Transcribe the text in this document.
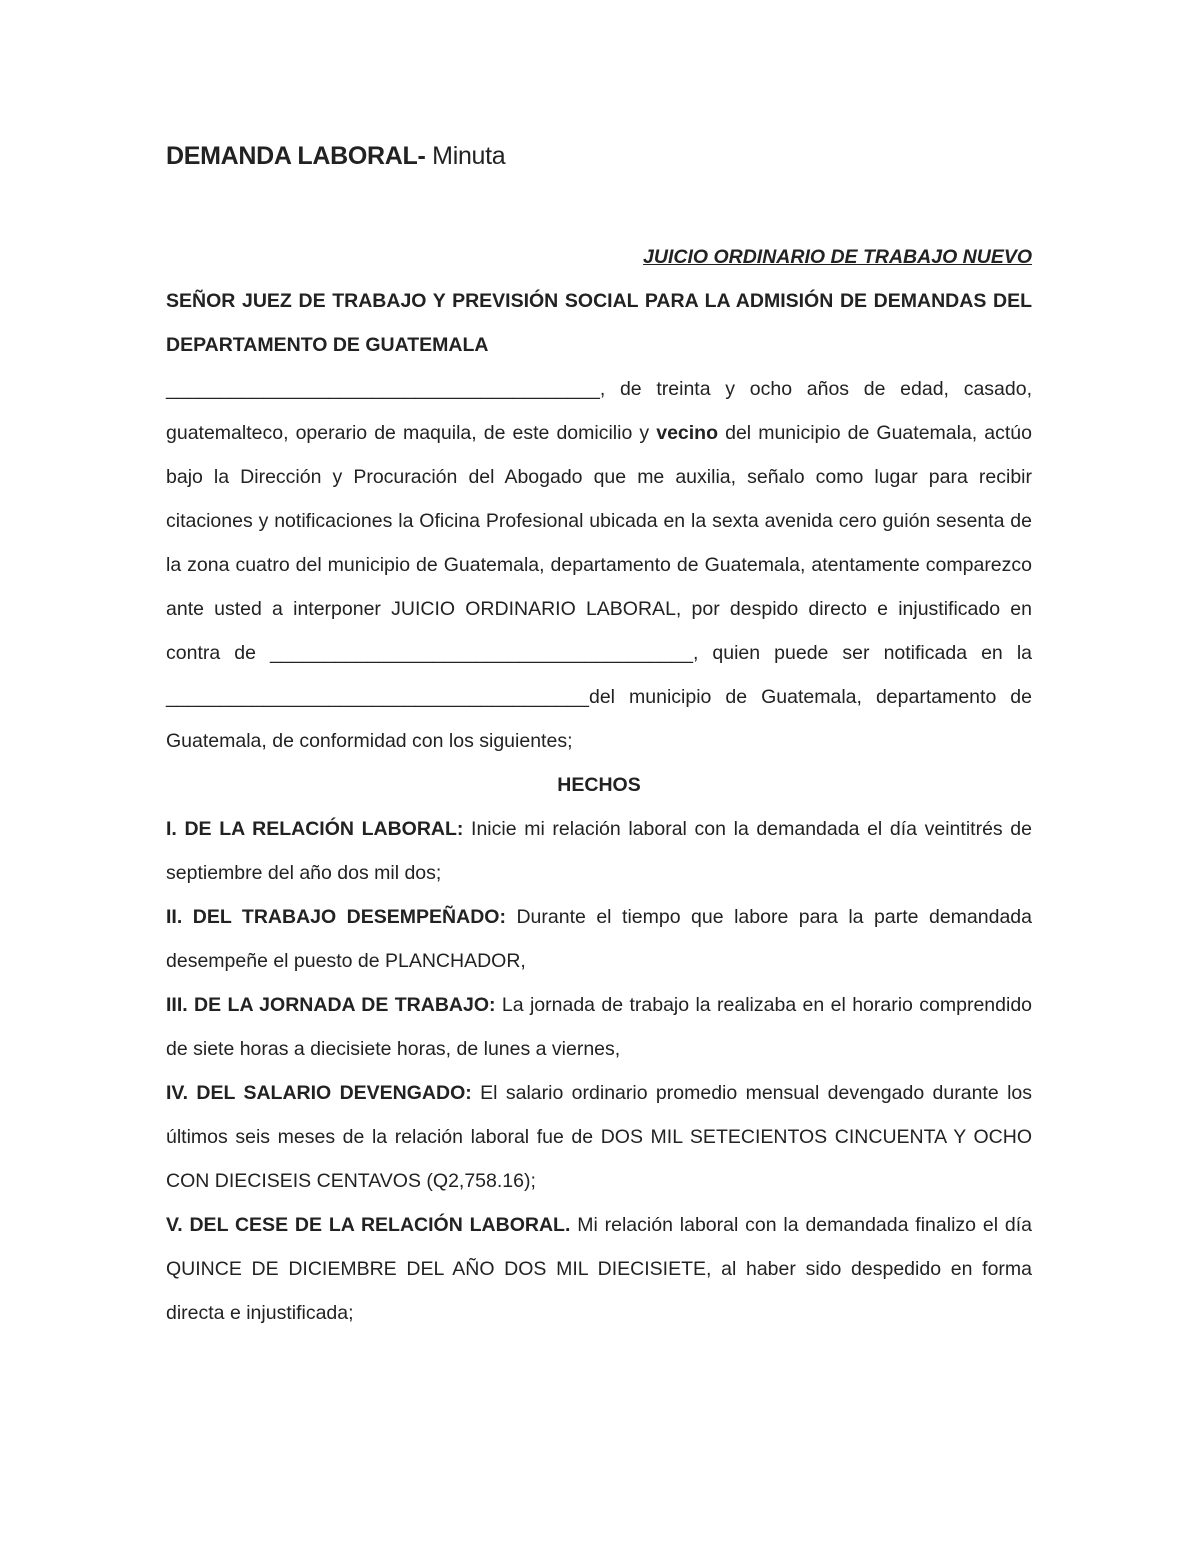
DEMANDA LABORAL- Minuta
JUICIO ORDINARIO DE TRABAJO NUEVO

SEÑOR JUEZ DE TRABAJO Y PREVISIÓN SOCIAL PARA LA ADMISIÓN DE DEMANDAS DEL DEPARTAMENTO DE GUATEMALA

________________________________________, de treinta y ocho años de edad, casado, guatemalteco, operario de maquila, de este domicilio y vecino del municipio de Guatemala, actúo bajo la Dirección y Procuración del Abogado que me auxilia, señalo como lugar para recibir citaciones y notificaciones la Oficina Profesional ubicada en la sexta avenida cero guión sesenta de la zona cuatro del municipio de Guatemala, departamento de Guatemala, atentamente comparezco ante usted a interponer JUICIO ORDINARIO LABORAL, por despido directo e injustificado en contra de _______________________________________, quien puede ser notificada en la _______________________________________del municipio de Guatemala, departamento de Guatemala, de conformidad con los siguientes;

HECHOS

I. DE LA RELACIÓN LABORAL: Inicie mi relación laboral con la demandada el día veintitrés de septiembre del año dos mil dos;

II. DEL TRABAJO DESEMPEÑADO: Durante el tiempo que labore para la parte demandada desempeñe el puesto de PLANCHADOR,

III. DE LA JORNADA DE TRABAJO: La jornada de trabajo la realizaba en el horario comprendido de siete horas a diecisiete horas, de lunes a viernes,

IV. DEL SALARIO DEVENGADO: El salario ordinario promedio mensual devengado durante los últimos seis meses de la relación laboral fue de DOS MIL SETECIENTOS CINCUENTA Y OCHO CON DIECISEIS CENTAVOS (Q2,758.16);

V. DEL CESE DE LA RELACIÓN LABORAL. Mi relación laboral con la demandada finalizo el día QUINCE DE DICIEMBRE DEL AÑO DOS MIL DIECISIETE, al haber sido despedido en forma directa e injustificada;
